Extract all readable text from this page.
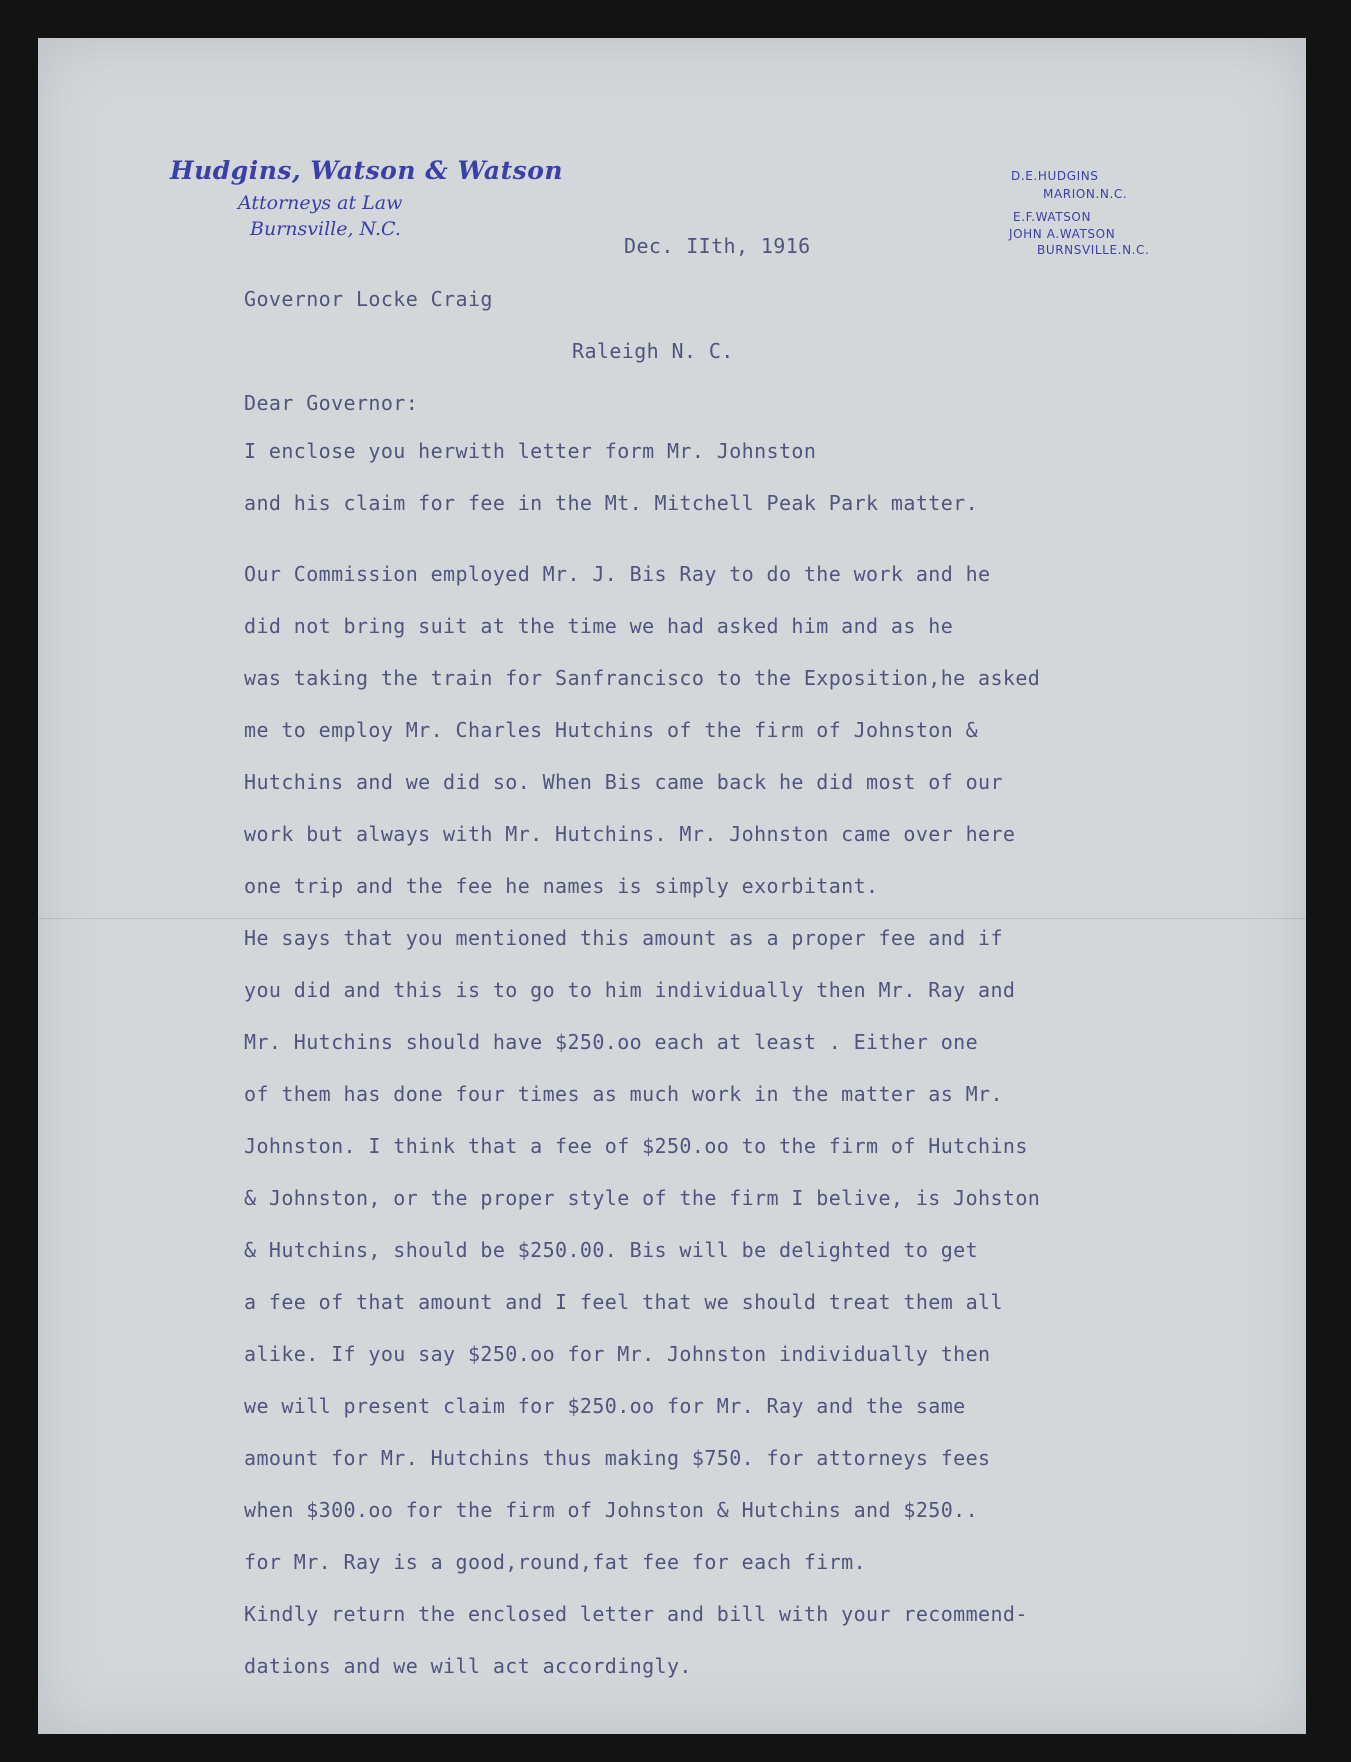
Hudgins, Watson & Watson
Attorneys at Law
Burnsville, N.C.
D.E.HUDGINS
MARION.N.C.
E.F.WATSON
JOHN A.WATSON
BURNSVILLE.N.C.
Dec. IIth, 1916
Governor Locke Craig
Raleigh N. C.
Dear Governor:
I enclose you herwith letter form Mr. Johnston
and his claim for fee in the Mt. Mitchell Peak Park matter.
Our Commission employed Mr. J. Bis Ray to do the work and he
did not bring suit at the time we had asked him and as he
was taking the train for Sanfrancisco to the Exposition,he asked
me to employ Mr. Charles Hutchins of the firm of Johnston &
Hutchins and we did so. When Bis came back he did most of our
work but always with Mr. Hutchins. Mr. Johnston came over here
one trip and the fee he names is simply exorbitant.
He says that you mentioned this amount as a proper fee and if
you did and this is to go to him individually then Mr. Ray and
Mr. Hutchins should have $250.oo each at least . Either one
of them has done four times as much work in the matter as Mr.
Johnston. I think that a fee of $250.oo to the firm of Hutchins
& Johnston, or the proper style of the firm I belive, is Johston
& Hutchins, should be $250.00. Bis will be delighted to get
a fee of that amount and I feel that we should treat them all
alike. If you say $250.oo for Mr. Johnston individually then
we will present claim for $250.oo for Mr. Ray and the same
amount for Mr. Hutchins thus making $750. for attorneys fees
when $300.oo for the firm of Johnston & Hutchins and $250..
for Mr. Ray is a good,round,fat fee for each firm.
Kindly return the enclosed letter and bill with your recommend-
dations and we will act accordingly.
